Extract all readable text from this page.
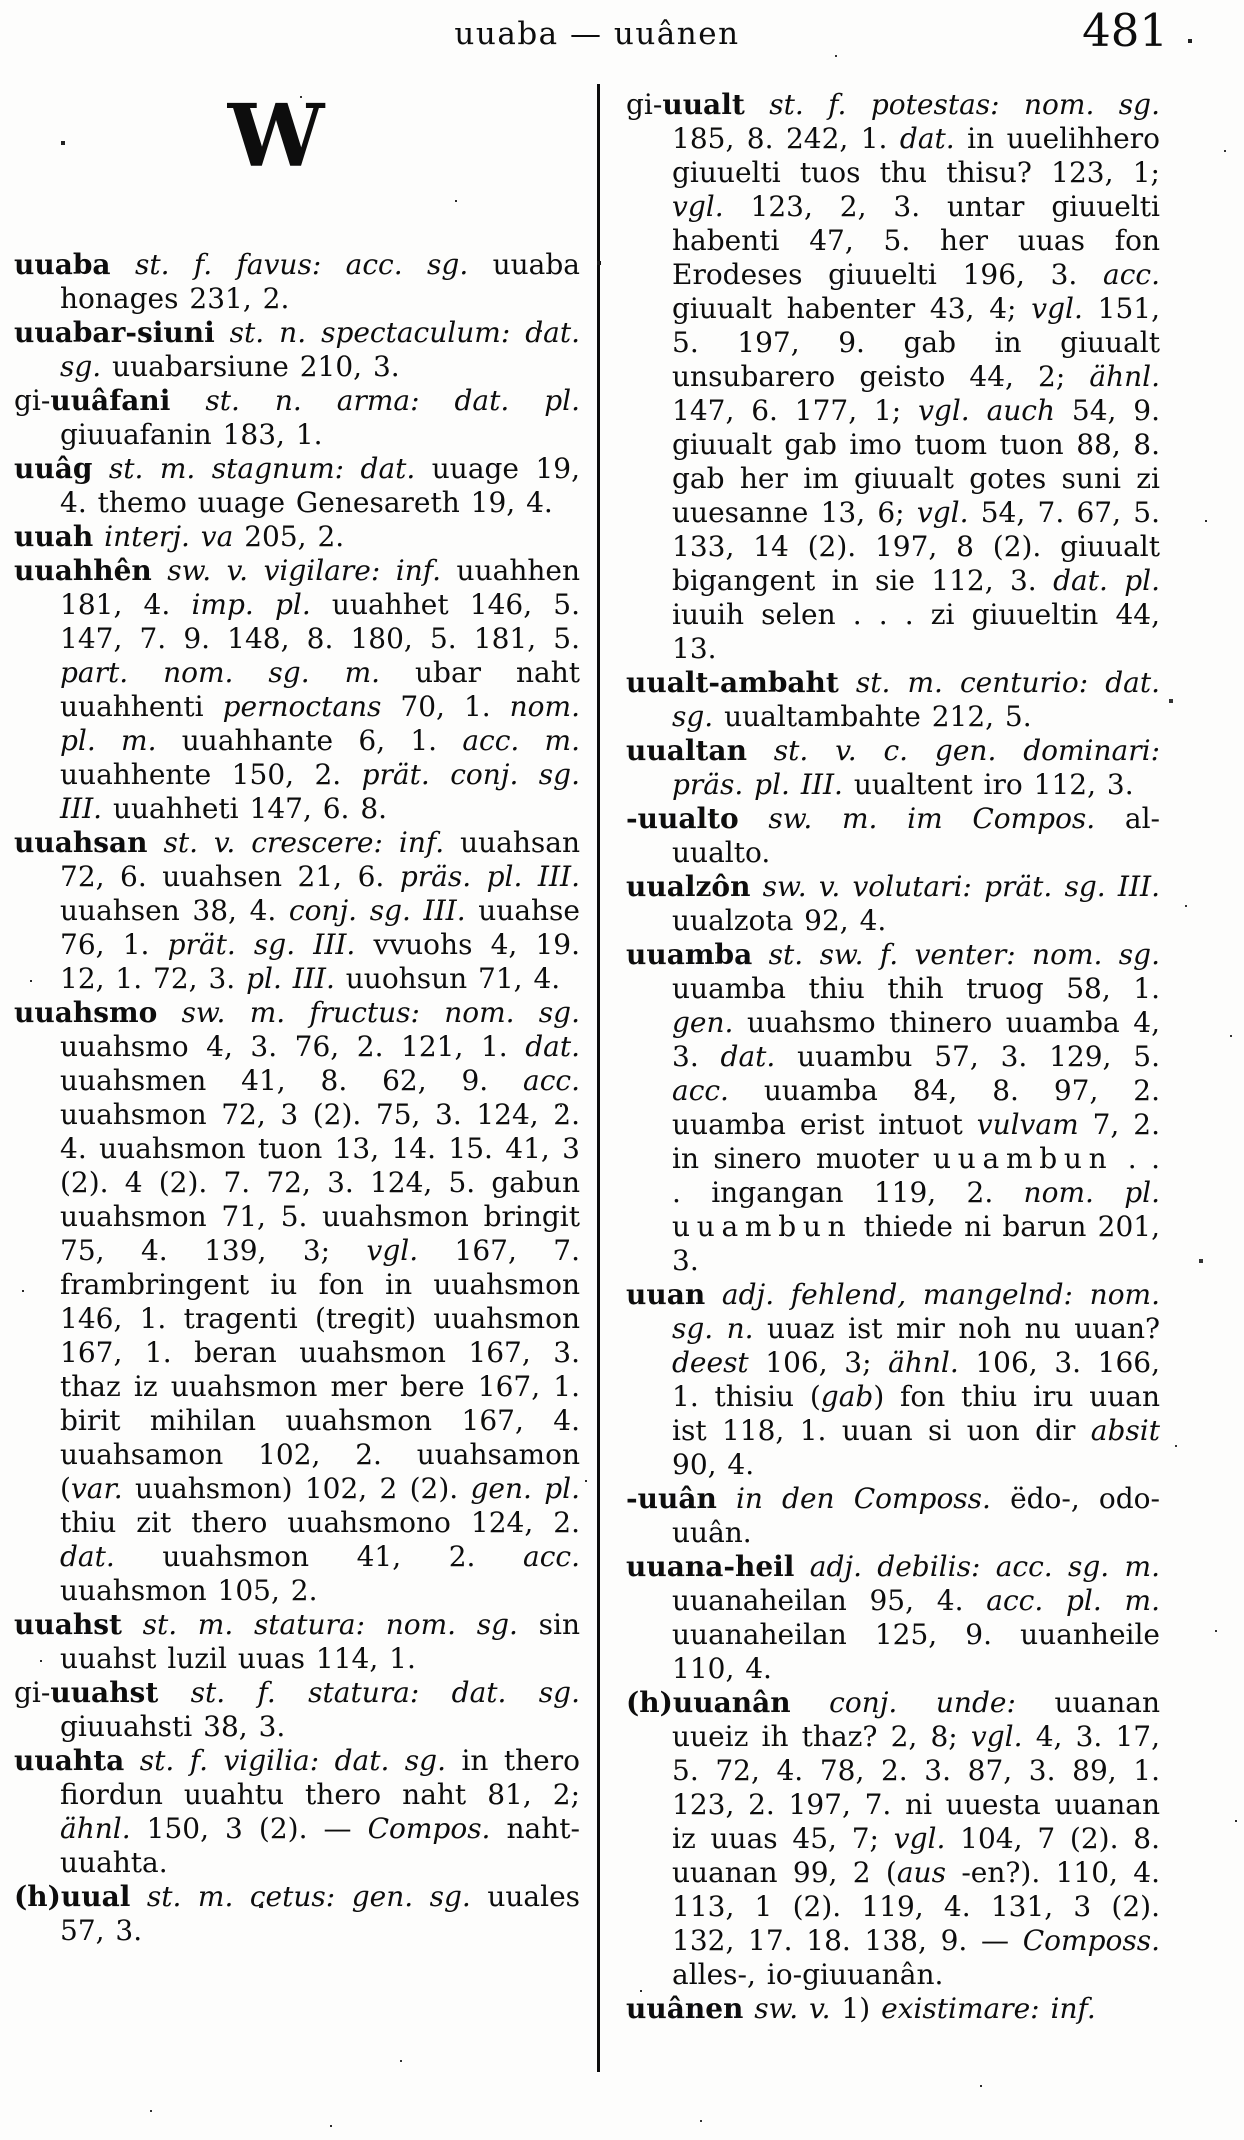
uuaba — uuânen	481
W

uuaba st. f. favus: acc. sg. uuaba honages 231, 2.

uuabar-siuni st. n. spectaculum: dat. sg. uuabarsiune 210, 3.

gi-uuâfani st. n. arma: dat. pl. giuuafanin 183, 1.

uuâg st. m. stagnum: dat. uuage 19, 4. themo uuage Genesareth 19, 4.

uuah interj. va 205, 2.

uuahhên sw. v. vigilare: inf. uuahhen 181, 4. imp. pl. uuahhet 146, 5. 147, 7. 9. 148, 8. 180, 5. 181, 5. part. nom. sg. m. ubar naht uuahhenti pernoctans 70, 1. nom. pl. m. uuahhante 6, 1. acc. m. uuahhente 150, 2. prät. conj. sg. III. uuahheti 147, 6. 8.

uuahsan st. v. crescere: inf. uuahsan 72, 6. uuahsen 21, 6. präs. pl. III. uuahsen 38, 4. conj. sg. III. uuahse 76, 1. prät. sg. III. vvuohs 4, 19. 12, 1. 72, 3. pl. III. uuohsun 71, 4.

uuahsmo sw. m. fructus: nom. sg. uuahsmo 4, 3. 76, 2. 121, 1. dat. uuahsmen 41, 8. 62, 9. acc. uuahsmon 72, 3 (2). 75, 3. 124, 2. 4. uuahsmon tuon 13, 14. 15. 41, 3 (2). 4 (2). 7. 72, 3. 124, 5. gabun uuahsmon 71, 5. uuahsmon bringit 75, 4. 139, 3; vgl. 167, 7. frambringent iu fon in uuahsmon 146, 1. tragenti (tregit) uuahsmon 167, 1. beran uuahsmon 167, 3. thaz iz uuahsmon mer bere 167, 1. birit mihilan uuahsmon 167, 4. uuahsamon 102, 2. uuahsamon (var. uuahsmon) 102, 2 (2). gen. pl. thiu zit thero uuahsmono 124, 2. dat. uuahsmon 41, 2. acc. uuahsmon 105, 2.

uuahst st. m. statura: nom. sg. sin uuahst luzil uuas 114, 1.

gi-uuahst st. f. statura: dat. sg. giuuahsti 38, 3.

uuahta st. f. vigilia: dat. sg. in thero fiordun uuahtu thero naht 81, 2; ähnl. 150, 3 (2). — Compos. naht-uuahta.

(h)uual st. m. cetus: gen. sg. uuales 57, 3.

gi-uualt st. f. potestas: nom. sg. 185, 8. 242, 1. dat. in uuelihhero giuuelti tuos thu thisu? 123, 1; vgl. 123, 2, 3. untar giuuelti habenti 47, 5. her uuas fon Erodeses giuuelti 196, 3. acc. giuualt habenter 43, 4; vgl. 151, 5. 197, 9. gab in giuualt unsubarero geisto 44, 2; ähnl. 147, 6. 177, 1; vgl. auch 54, 9. giuualt gab imo tuom tuon 88, 8. gab her im giuualt gotes suni zi uuesanne 13, 6; vgl. 54, 7. 67, 5. 133, 14 (2). 197, 8 (2). giuualt bigangent in sie 112, 3. dat. pl. iuuih selen . . . zi giuueltin 44, 13.

uualt-ambaht st. m. centurio: dat. sg. uualtambahte 212, 5.

uualtan st. v. c. gen. dominari: präs. pl. III. uualtent iro 112, 3.

-uualto sw. m. im Compos. al-uualto.

uualzôn sw. v. volutari: prät. sg. III. uualzota 92, 4.

uuamba st. sw. f. venter: nom. sg. uuamba thiu thih truog 58, 1. gen. uuahsmo thinero uuamba 4, 3. dat. uuambu 57, 3. 129, 5. acc. uuamba 84, 8. 97, 2. uuamba erist intuot vulvam 7, 2. in sinero muoter uuambun . . . ingangan 119, 2. nom. pl. uuambun thiede ni barun 201, 3.

uuan adj. fehlend, mangelnd: nom. sg. n. uuaz ist mir noh nu uuan? deest 106, 3; ähnl. 106, 3. 166, 1. thisiu (gab) fon thiu iru uuan ist 118, 1. uuan si uon dir absit 90, 4.

-uuân in den Composs. ëdo-, odo-uuân.

uuana-heil adj. debilis: acc. sg. m. uuanaheilan 95, 4. acc. pl. m. uuanaheilan 125, 9. uuanheile 110, 4.

(h)uuanân conj. unde: uuanan uueiz ih thaz? 2, 8; vgl. 4, 3. 17, 5. 72, 4. 78, 2. 3. 87, 3. 89, 1. 123, 2. 197, 7. ni uuesta uuanan iz uuas 45, 7; vgl. 104, 7 (2). 8. uuanan 99, 2 (aus -en?). 110, 4. 113, 1 (2). 119, 4. 131, 3 (2). 132, 17. 18. 138, 9. — Composs. alles-, io-giuuanân.

uuânen sw. v. 1) existimare: inf.
